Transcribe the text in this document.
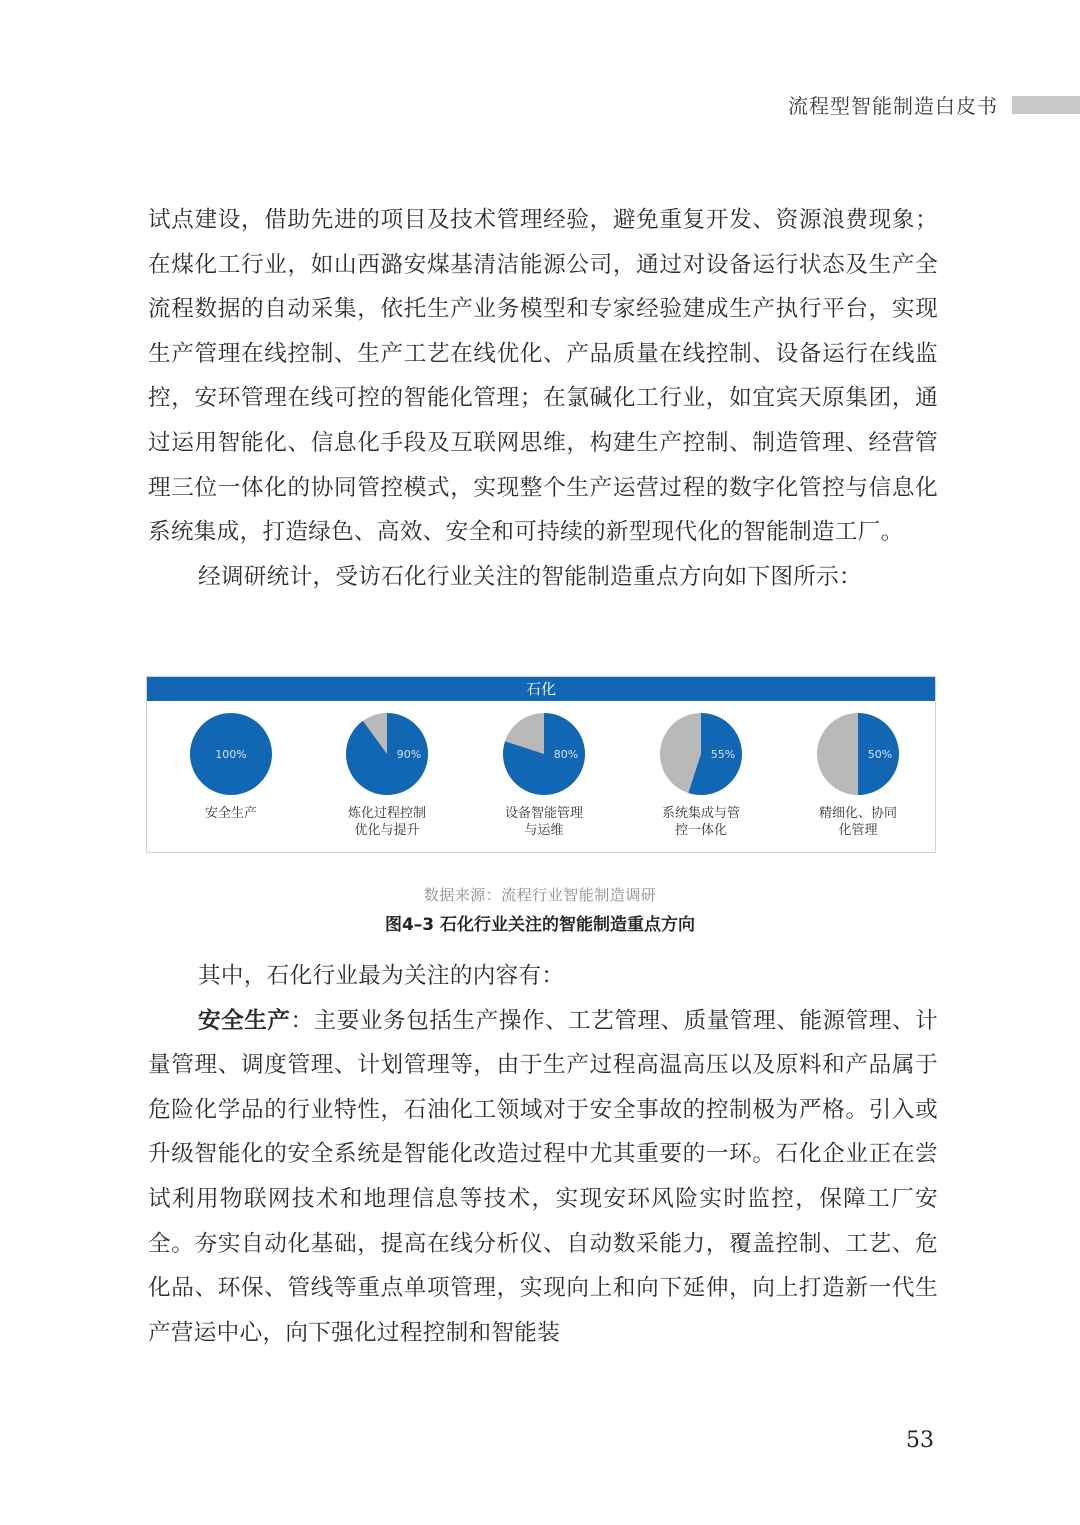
流程型智能制造白皮书

试点建设，借助先进的项目及技术管理经验，避免重复开发、资源浪费现象；在煤化工行业，如山西潞安煤基清洁能源公司，通过对设备运行状态及生产全流程数据的自动采集，依托生产业务模型和专家经验建成生产执行平台，实现生产管理在线控制、生产工艺在线优化、产品质量在线控制、设备运行在线监控，安环管理在线可控的智能化管理；在氯碱化工行业，如宜宾天原集团，通过运用智能化、信息化手段及互联网思维，构建生产控制、制造管理、经营管理三位一体化的协同管控模式，实现整个生产运营过程的数字化管控与信息化系统集成，打造绿色、高效、安全和可持续的新型现代化的智能制造工厂。

经调研统计，受访石化行业关注的智能制造重点方向如下图所示：

石化
100%
安全生产
90%
炼化过程控制优化与提升
80%
设备智能管理与运维
55%
系统集成与管控一体化
50%
精细化、协同化管理
数据来源：流程行业智能制造调研
图4–3 石化行业关注的智能制造重点方向

其中，石化行业最为关注的内容有：

安全生产：主要业务包括生产操作、工艺管理、质量管理、能源管理、计量管理、调度管理、计划管理等，由于生产过程高温高压以及原料和产品属于危险化学品的行业特性，石油化工领域对于安全事故的控制极为严格。引入或升级智能化的安全系统是智能化改造过程中尤其重要的一环。石化企业正在尝试利用物联网技术和地理信息等技术，实现安环风险实时监控，保障工厂安全。夯实自动化基础，提高在线分析仪、自动数采能力，覆盖控制、工艺、危化品、环保、管线等重点单项管理，实现向上和向下延伸，向上打造新一代生产营运中心，向下强化过程控制和智能装

53
